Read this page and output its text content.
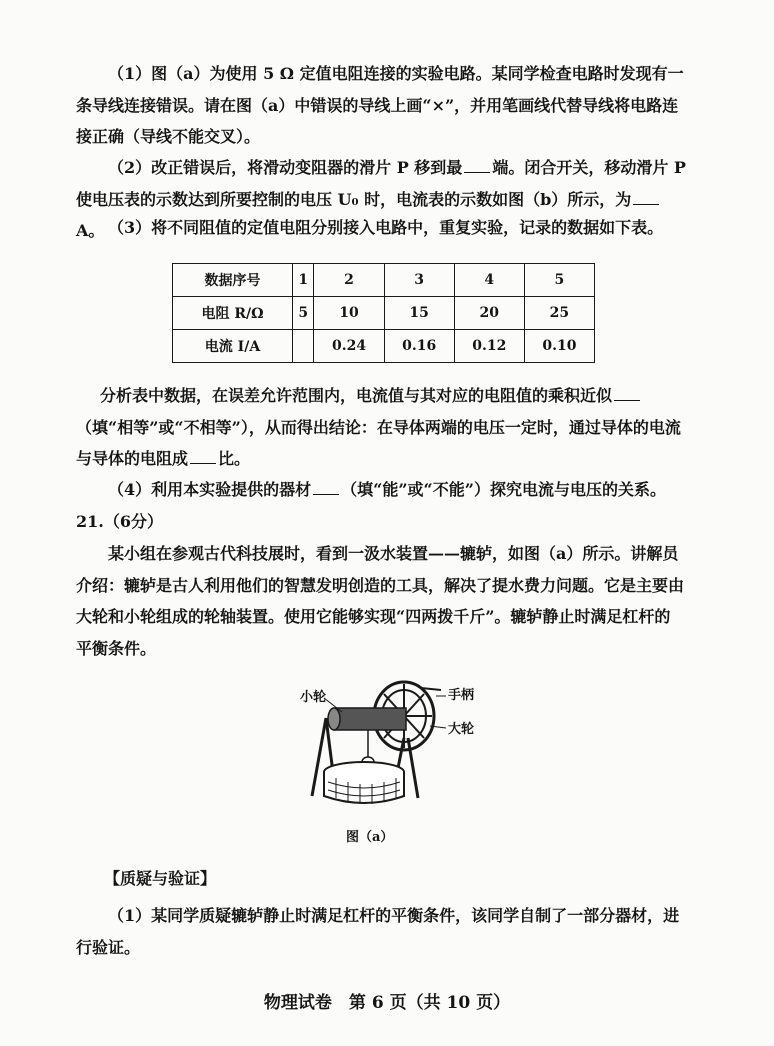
（1）图（a）为使用 5 Ω 定值电阻连接的实验电路。某同学检查电路时发现有一条导线连接错误。请在图（a）中错误的导线上画“×”，并用笔画线代替导线将电路连接正确（导线不能交叉）。

（2）改正错误后，将滑动变阻器的滑片 P 移到最 端。闭合开关，移动滑片 P 使电压表的示数达到所要控制的电压 U₀ 时，电流表的示数如图（b）所示，为A。 （3）将不同阻值的定值电阻分别接入电路中，重复实验，记录的数据如下表。

数据序号	1	2	3	4	5
电阻 R/Ω	5	10	15	20	25
电流 I/A		0.24	0.16	0.12	0.10

分析表中数据，在误差允许范围内，电流值与其对应的电阻值的乘积近似（填“相等”或“不相等”），从而得出结论：在导体两端的电压一定时，通过导体的电流与导体的电阻成 比。

（4）利用本实验提供的器材 （填“能”或“不能”）探究电流与电压的关系。

21.（6分）

某小组在参观古代科技展时，看到一汲水装置——辘轳，如图（a）所示。讲解员介绍：辘轳是古人利用他们的智慧发明创造的工具，解决了提水费力问题。它是主要由大轮和小轮组成的轮轴装置。使用它能够实现“四两拨千斤”。辘轳静止时满足杠杆的平衡条件。

小轮	手柄
大轮
图（a）
【质疑与验证】

（1）某同学质疑辘轳静止时满足杠杆的平衡条件，该同学自制了一部分器材，进行验证。

物理试卷　第 6 页（共 10 页）
